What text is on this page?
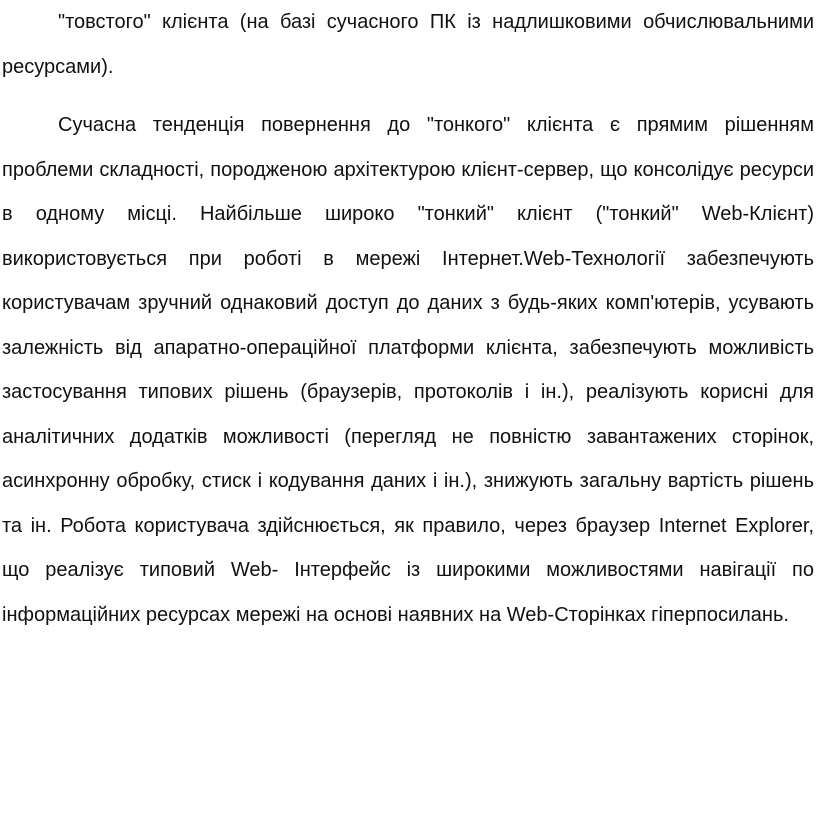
"товстого" клієнта (на базі сучасного ПК із надлишковими обчислювальними ресурсами).

Сучасна тенденція повернення до "тонкого" клієнта є прямим рішенням проблеми складності, породженою архітектурою клієнт-сервер, що консолідує ресурси в одному місці. Найбільше широко "тонкий" клієнт ("тонкий" Web-Клієнт) використовується при роботі в мережі Інтернет.Web-Технології забезпечують користувачам зручний однаковий доступ до даних з будь-яких комп'ютерів, усувають залежність від апаратно-операційної платформи клієнта, забезпечують можливість застосування типових рішень (браузерів, протоколів і ін.), реалізують корисні для аналітичних додатків можливості (перегляд не повністю завантажених сторінок, асинхронну обробку, стиск і кодування даних і ін.), знижують загальну вартість рішень та ін. Робота користувача здійснюється, як правило, через браузер Internet Explorer, що реалізує типовий Web- Інтерфейс із широкими можливостями навігації по інформаційних ресурсах мережі на основі наявних на Web-Сторінках гіперпосилань.
